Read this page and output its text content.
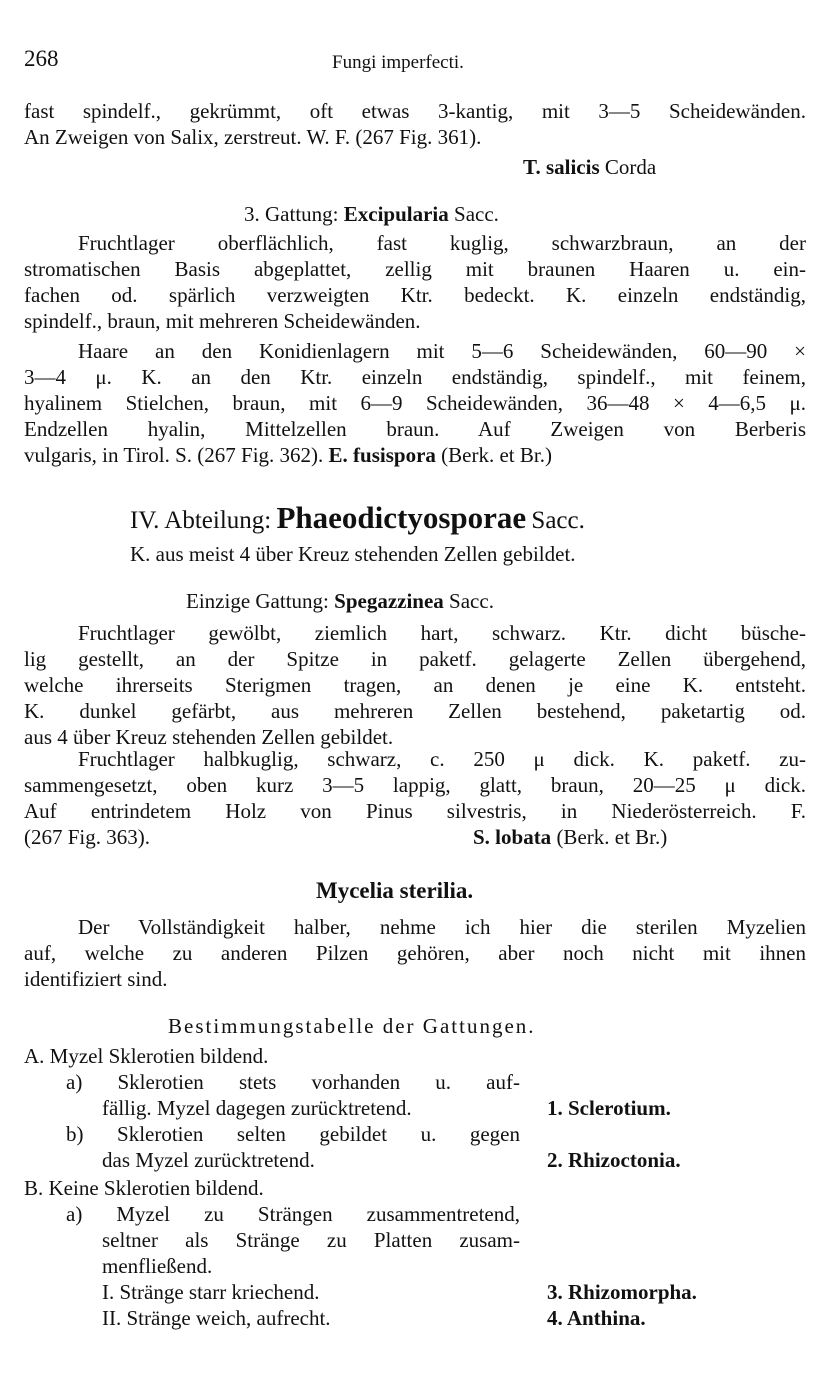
268	Fungi imperfecti.
fast spindelf., gekrümmt, oft etwas 3-kantig, mit 3—5 Scheidewänden.
An Zweigen von Salix, zerstreut. W. F. (267 Fig. 361).
T. salicis Corda
3. Gattung: Excipularia Sacc.
Fruchtlager oberflächlich, fast kuglig, schwarzbraun, an der
stromatischen Basis abgeplattet, zellig mit braunen Haaren u. ein-
fachen od. spärlich verzweigten Ktr. bedeckt. K. einzeln endständig,
spindelf., braun, mit mehreren Scheidewänden.
Haare an den Konidienlagern mit 5—6 Scheidewänden, 60—90 ×
3—4 μ. K. an den Ktr. einzeln endständig, spindelf., mit feinem,
hyalinem Stielchen, braun, mit 6—9 Scheidewänden, 36—48 × 4—6,5 μ.
Endzellen hyalin, Mittelzellen braun. Auf Zweigen von Berberis
vulgaris, in Tirol. S. (267 Fig. 362). E. fusispora (Berk. et Br.)
IV. Abteilung: Phaeodictyosporae Sacc.
K. aus meist 4 über Kreuz stehenden Zellen gebildet.
Einzige Gattung: Spegazzinea Sacc.
Fruchtlager gewölbt, ziemlich hart, schwarz. Ktr. dicht büsche-
lig gestellt, an der Spitze in paketf. gelagerte Zellen übergehend,
welche ihrerseits Sterigmen tragen, an denen je eine K. entsteht.
K. dunkel gefärbt, aus mehreren Zellen bestehend, paketartig od.
aus 4 über Kreuz stehenden Zellen gebildet.
Fruchtlager halbkuglig, schwarz, c. 250 μ dick. K. paketf. zu-
sammengesetzt, oben kurz 3—5 lappig, glatt, braun, 20—25 μ dick.
Auf entrindetem Holz von Pinus silvestris, in Niederösterreich. F.
(267 Fig. 363).	S. lobata (Berk. et Br.)
Mycelia sterilia.
Der Vollständigkeit halber, nehme ich hier die sterilen Myzelien
auf, welche zu anderen Pilzen gehören, aber noch nicht mit ihnen
identifiziert sind.
Bestimmungstabelle der Gattungen.
A. Myzel Sklerotien bildend.
a) Sklerotien stets vorhanden u. auf-
fällig. Myzel dagegen zurücktretend.	1. Sclerotium.
b) Sklerotien selten gebildet u. gegen
das Myzel zurücktretend.	2. Rhizoctonia.
B. Keine Sklerotien bildend.
a) Myzel zu Strängen zusammentretend,
seltner als Stränge zu Platten zusam-
menfließend.
I. Stränge starr kriechend.	3. Rhizomorpha.
II. Stränge weich, aufrecht.	4. Anthina.
